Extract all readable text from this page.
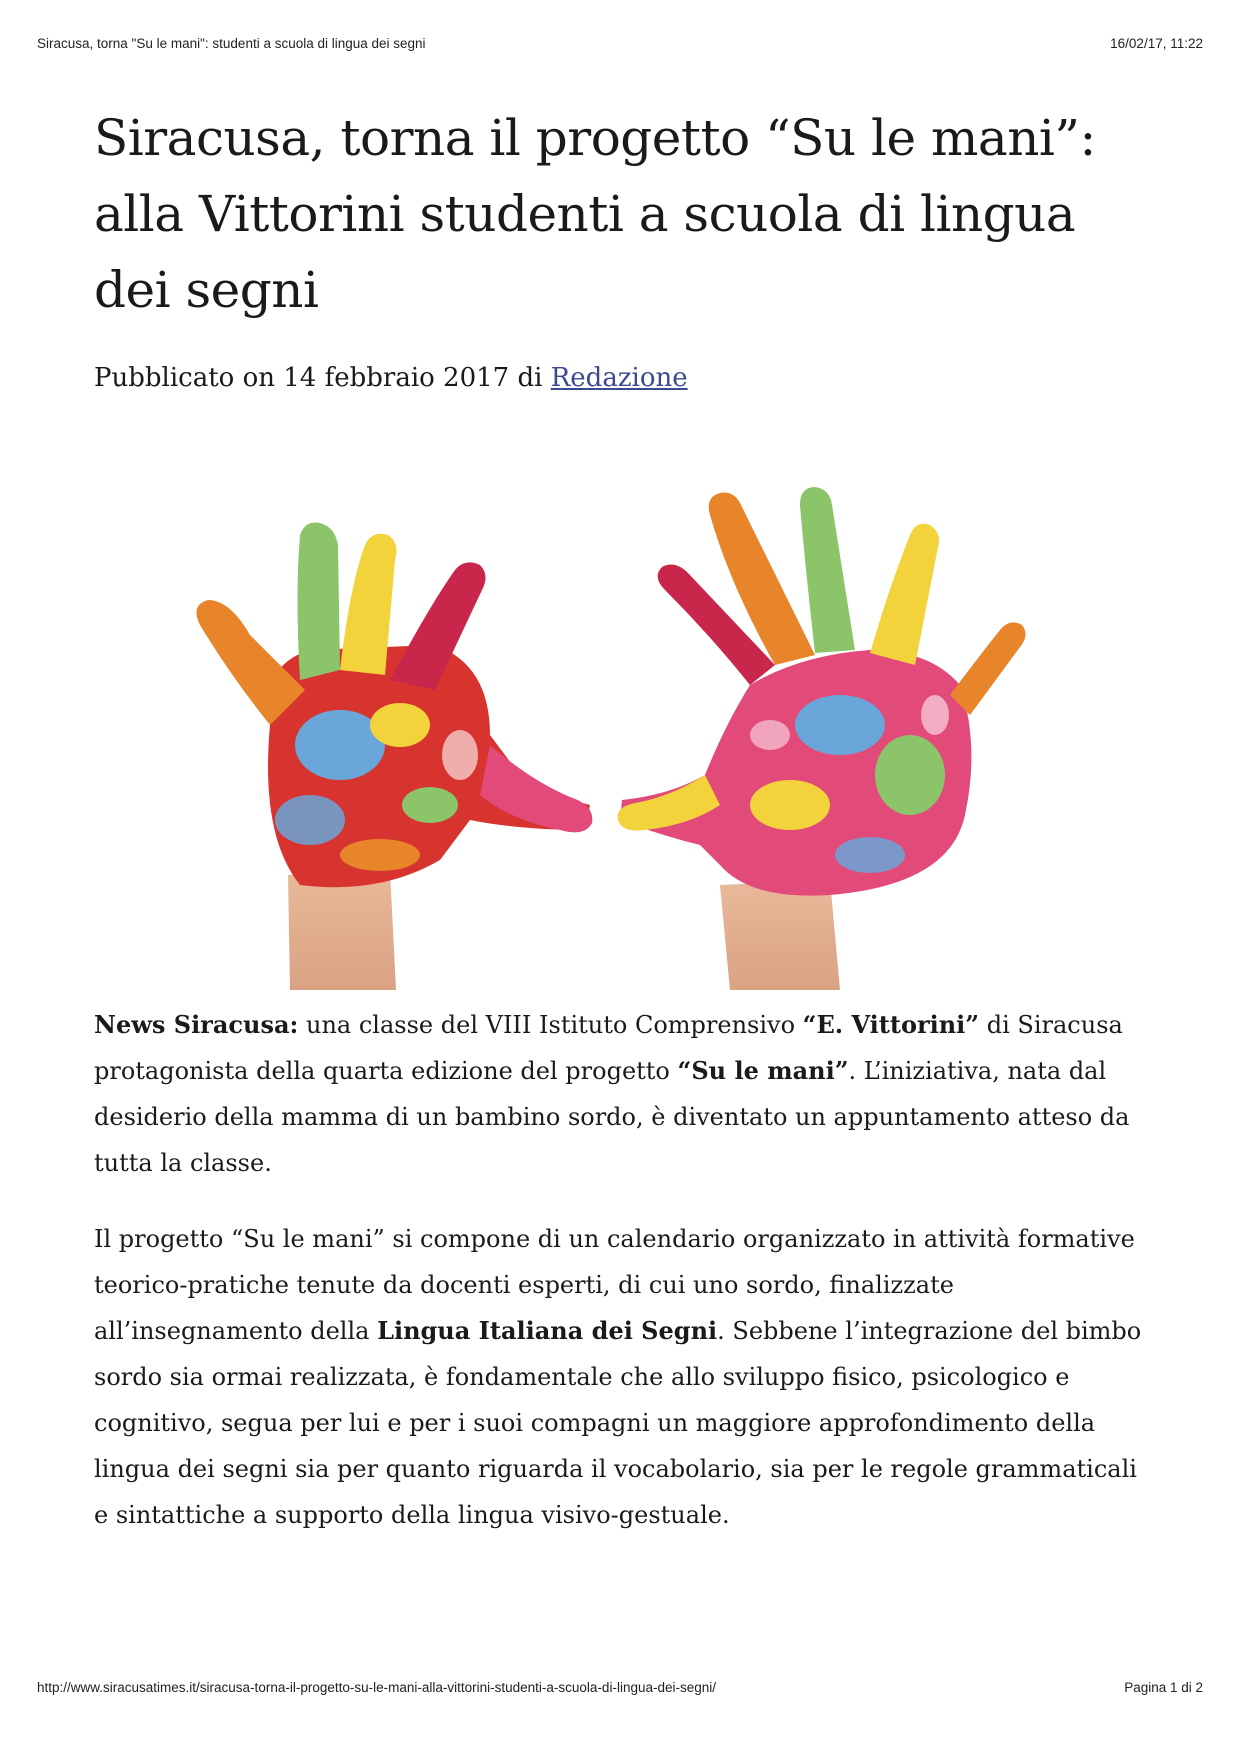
Siracusa, torna "Su le mani": studenti a scuola di lingua dei segni	16/02/17, 11:22
Siracusa, torna il progetto “Su le mani”: alla Vittorini studenti a scuola di lingua dei segni
Pubblicato on 14 febbraio 2017 di Redazione

News Siracusa: una classe del VIII Istituto Comprensivo “E. Vittorini” di Siracusa protagonista della quarta edizione del progetto “Su le mani”. L’iniziativa, nata dal desiderio della mamma di un bambino sordo, è diventato un appuntamento atteso da tutta la classe.

Il progetto “Su le mani” si compone di un calendario organizzato in attività formative teorico-pratiche tenute da docenti esperti, di cui uno sordo, finalizzate all’insegnamento della Lingua Italiana dei Segni. Sebbene l’integrazione del bimbo sordo sia ormai realizzata, è fondamentale che allo sviluppo fisico, psicologico e cognitivo, segua per lui e per i suoi compagni un maggiore approfondimento della lingua dei segni sia per quanto riguarda il vocabolario, sia per le regole grammaticali e sintattiche a supporto della lingua visivo-gestuale.

http://www.siracusatimes.it/siracusa-torna-il-progetto-su-le-mani-alla-vittorini-studenti-a-scuola-di-lingua-dei-segni/	Pagina 1 di 2
